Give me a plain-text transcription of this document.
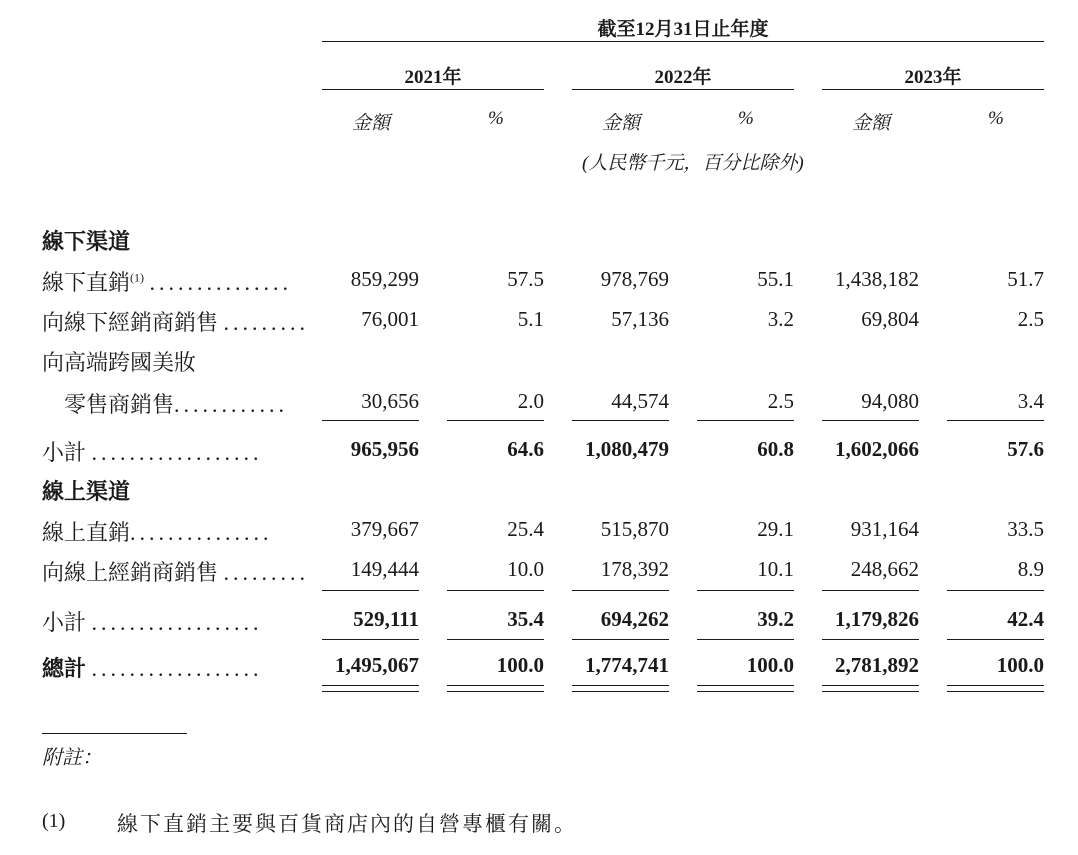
截至12月31日止年度
2021年	2022年	2023年
金額	%	金額	%	金額	%
(人民幣千元，百分比除外)
線下渠道
線下直銷$^{(1)}$ ...............	859,299	57.5	978,769	55.1	1,438,182	51.7
向線下經銷商銷售 .........	76,001	5.1	57,136	3.2	69,804	2.5
向高端跨國美妝
零售商銷售............	30,656	2.0	44,574	2.5	94,080	3.4
小計 ..................	965,956	64.6	1,080,479	60.8	1,602,066	57.6
線上渠道
線上直銷...............	379,667	25.4	515,870	29.1	931,164	33.5
向線上經銷商銷售 .........	149,444	10.0	178,392	10.1	248,662	8.9
小計 ..................	529,111	35.4	694,262	39.2	1,179,826	42.4
總計 ..................	1,495,067	100.0	1,774,741	100.0	2,781,892	100.0
附註：
(1) 線下直銷主要與百貨商店內的自營專櫃有關。
